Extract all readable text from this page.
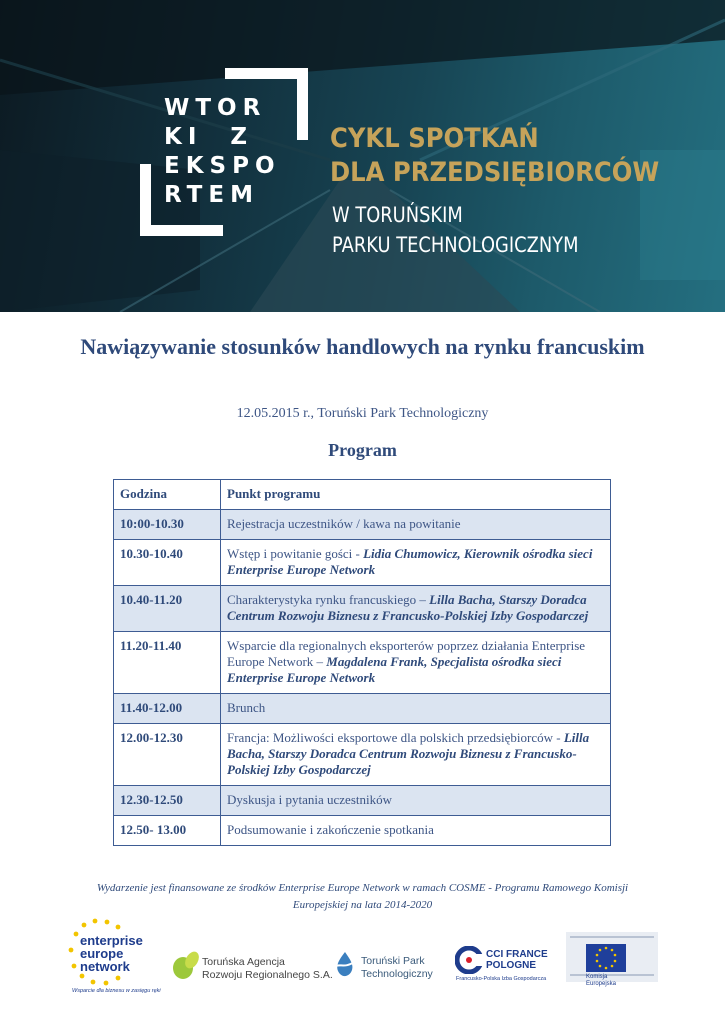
WTOR
KI  Z
EKSPO
RTEM
CYKL SPOTKAŃ
DLA PRZEDSIĘBIORCÓW
W TORUŃSKIM
PARKU TECHNOLOGICZNYM
Nawiązywanie stosunków handlowych na rynku francuskim
12.05.2015 r., Toruński Park Technologiczny
Program
Godzina	Punkt programu
10:00-10.30	Rejestracja uczestników / kawa na powitanie
10.30-10.40	Wstęp i powitanie gości - Lidia Chumowicz, Kierownik ośrodka sieci Enterprise Europe Network
10.40-11.20	Charakterystyka rynku francuskiego – Lilla Bacha, Starszy Doradca Centrum Rozwoju Biznesu z Francusko-Polskiej Izby Gospodarczej
11.20-11.40	Wsparcie dla regionalnych eksporterów poprzez działania Enterprise Europe Network – Magdalena Frank, Specjalista ośrodka sieci Enterprise Europe Network
11.40-12.00	Brunch
12.00-12.30	Francja: Możliwości eksportowe dla polskich przedsiębiorców - Lilla Bacha, Starszy Doradca Centrum Rozwoju Biznesu z Francusko-Polskiej Izby Gospodarczej
12.30-12.50	Dyskusja i pytania uczestników
12.50- 13.00	Podsumowanie i zakończenie spotkania
Wydarzenie jest finansowane ze środków Enterprise Europe Network w ramach COSME - Programu Ramowego Komisji Europejskiej na lata 2014-2020
enterprise
europe
network
Wsparcie dla biznesu w zasięgu ręki
Toruńska Agencja
Rozwoju Regionalnego S.A.
Toruński Park
Technologiczny
CCI FRANCE
POLOGNE
Francusko-Polska Izba Gospodarcza	Komisja
Europejska
